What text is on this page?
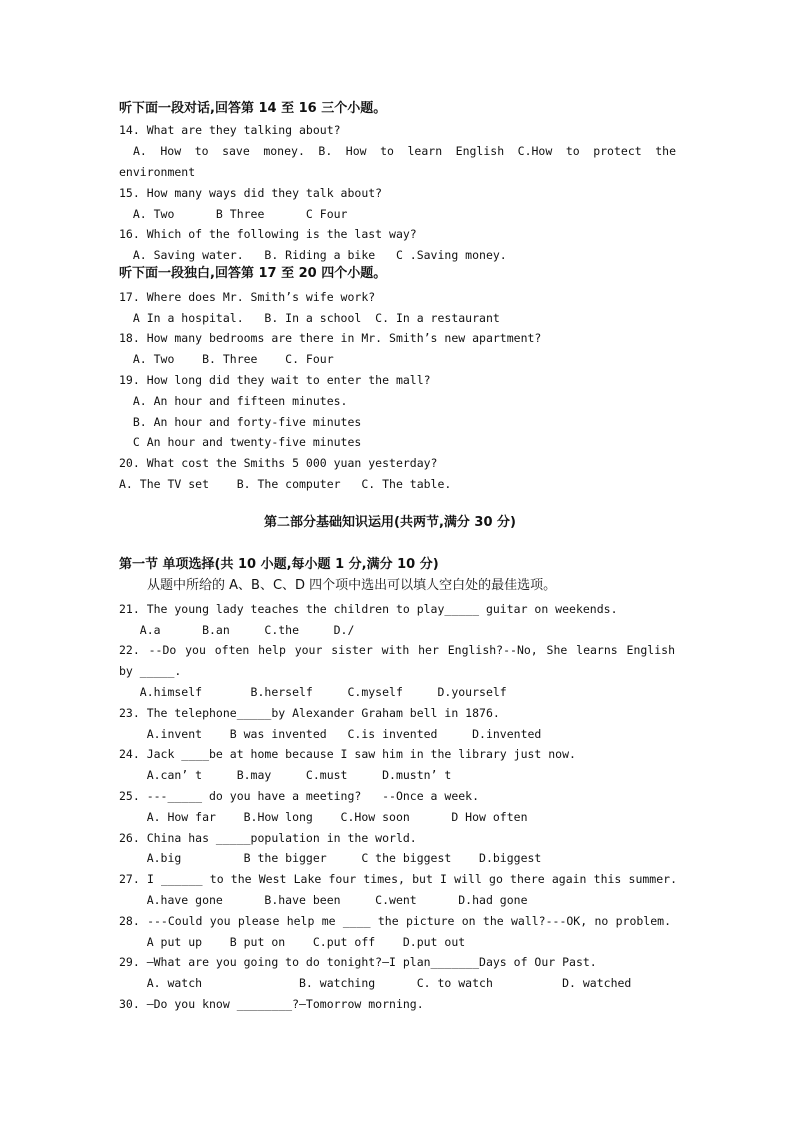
听下面一段对话,回答第 14 至 16 三个小题。
14. What are they talking about?
A. How to save money. B. How to learn English C.How to protect the
environment
15. How many ways did they talk about?
A. Two      B Three      C Four
16. Which of the following is the last way?
A. Saving water.   B. Riding a bike   C .Saving money.
听下面一段独白,回答第 17 至 20 四个小题。
17. Where does Mr. Smith’s wife work?
A In a hospital.   B. In a school  C. In a restaurant
18. How many bedrooms are there in Mr. Smith’s new apartment?
A. Two    B. Three    C. Four
19. How long did they wait to enter the mall?
A. An hour and fifteen minutes.
B. An hour and forty-five minutes
C An hour and twenty-five minutes
20. What cost the Smiths 5 000 yuan yesterday?
A. The TV set    B. The computer   C. The table.
第二部分基础知识运用(共两节,满分 30 分)
第一节 单项选择(共 10 小题,每小题 1 分,满分 10 分)
从题中所给的 A、B、C、D 四个项中选出可以填人空白处的最佳选项。
21. The young lady teaches the children to play_____ guitar on weekends.
A.a      B.an     C.the     D./
22. --Do you often help your sister with her English?--No, She learns English
by _____.
A.himself       B.herself     C.myself     D.yourself
23. The telephone_____by Alexander Graham bell in 1876.
A.invent    B was invented   C.is invented     D.invented
24. Jack ____be at home because I saw him in the library just now.
A.can’ t     B.may     C.must     D.mustn’ t
25. ---_____ do you have a meeting?   --Once a week.
A. How far    B.How long    C.How soon      D How often
26. China has _____population in the world.
A.big         B the bigger     C the biggest    D.biggest
27. I ______ to the West Lake four times, but I will go there again this summer.
A.have gone      B.have been     C.went      D.had gone
28. ---Could you please help me ____ the picture on the wall?---OK, no problem.
A put up    B put on    C.put off    D.put out
29. —What are you going to do tonight?—I plan_______Days of Our Past.
A. watch              B. watching      C. to watch          D. watched
30. —Do you know ________?—Tomorrow morning.
